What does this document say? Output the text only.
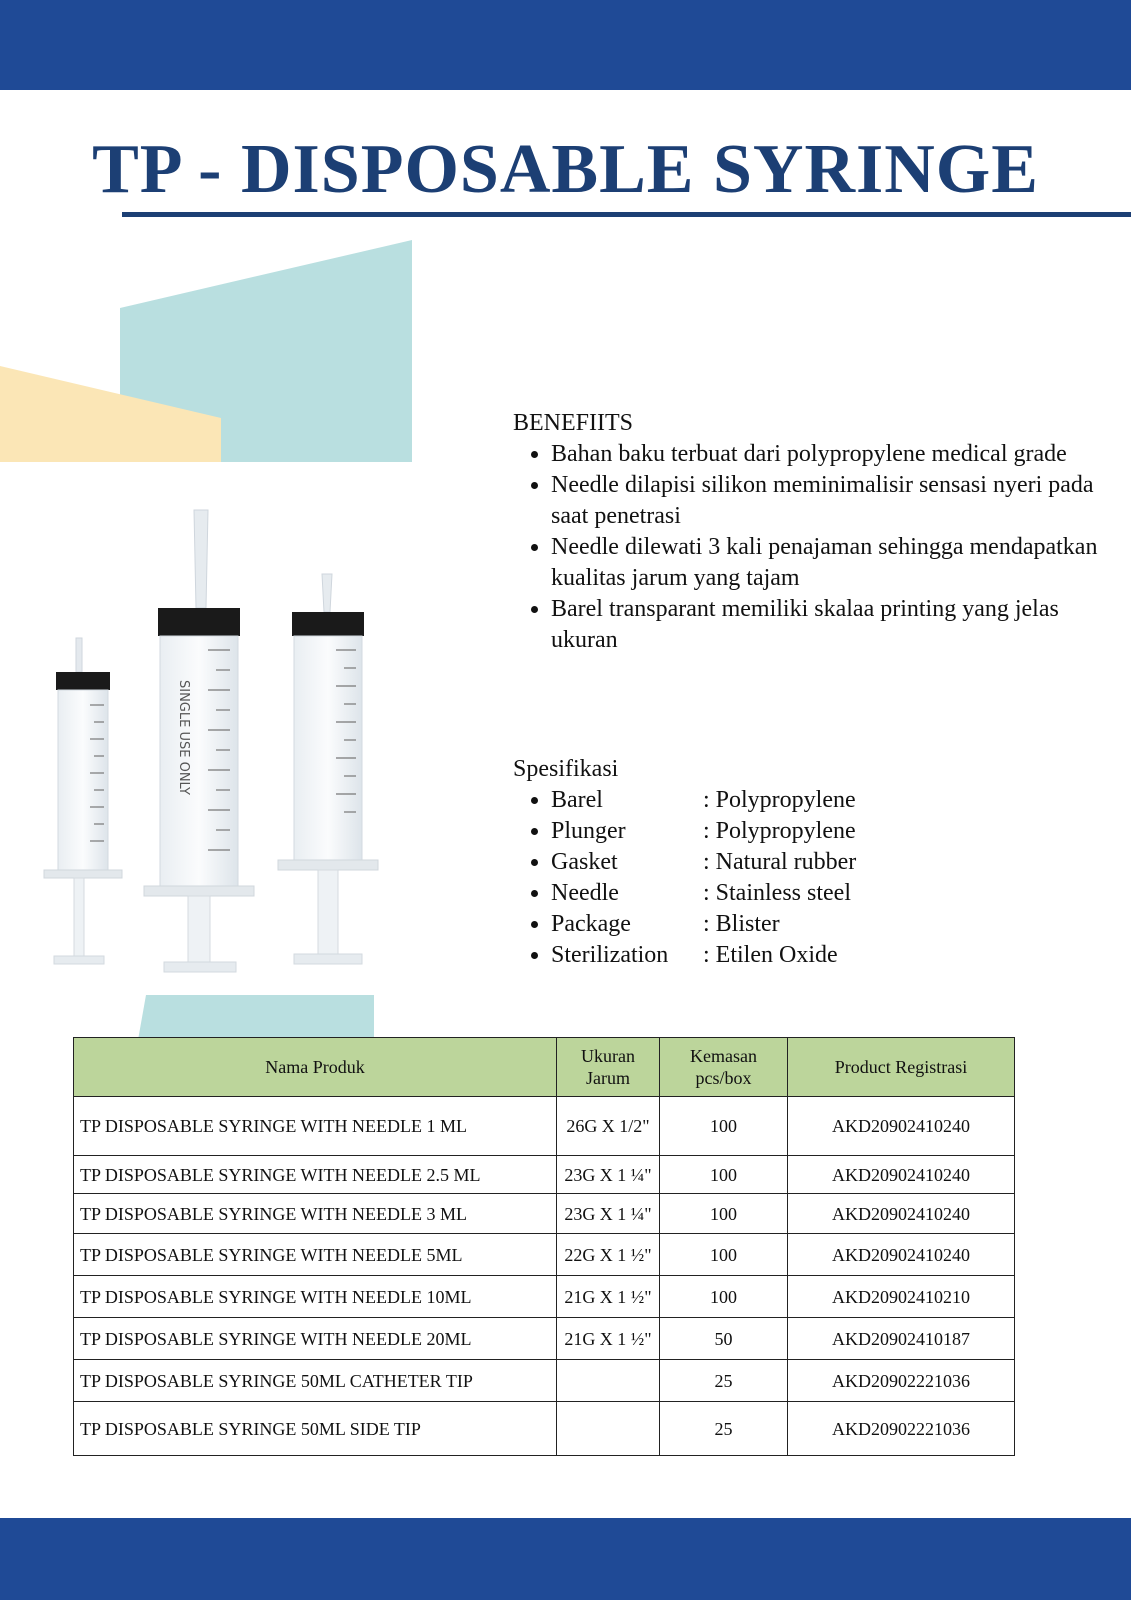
TP - DISPOSABLE SYRINGE
SINGLE USE ONLY
BENEFIITS
• Bahan baku terbuat dari polypropylene medical grade
• Needle dilapisi silikon meminimalisir sensasi nyeri pada saat penetrasi
• Needle dilewati 3 kali penajaman sehingga mendapatkan kualitas jarum yang tajam
• Barel transparant memiliki skalaa printing yang jelas ukuran
Spesifikasi
• Barel	: Polypropylene
• Plunger	: Polypropylene
• Gasket	: Natural rubber
• Needle	: Stainless steel
• Package	: Blister
• Sterilization : Etilen Oxide
Nama Produk	Ukuran Jarum	Kemasan pcs/box	Product Registrasi
TP DISPOSABLE SYRINGE WITH NEEDLE 1 ML	26G X 1/2"	100	AKD20902410240
TP DISPOSABLE SYRINGE WITH NEEDLE 2.5 ML	23G X 1 ¼"	100	AKD20902410240
TP DISPOSABLE SYRINGE WITH NEEDLE 3 ML	23G X 1 ¼"	100	AKD20902410240
TP DISPOSABLE SYRINGE WITH NEEDLE 5ML	22G X 1 ½"	100	AKD20902410240
TP DISPOSABLE SYRINGE WITH NEEDLE 10ML	21G X 1 ½"	100	AKD20902410210
TP DISPOSABLE SYRINGE WITH NEEDLE 20ML	21G X 1 ½"	50	AKD20902410187
TP DISPOSABLE SYRINGE 50ML CATHETER TIP		25	AKD20902221036
TP DISPOSABLE SYRINGE 50ML SIDE TIP		25	AKD20902221036
